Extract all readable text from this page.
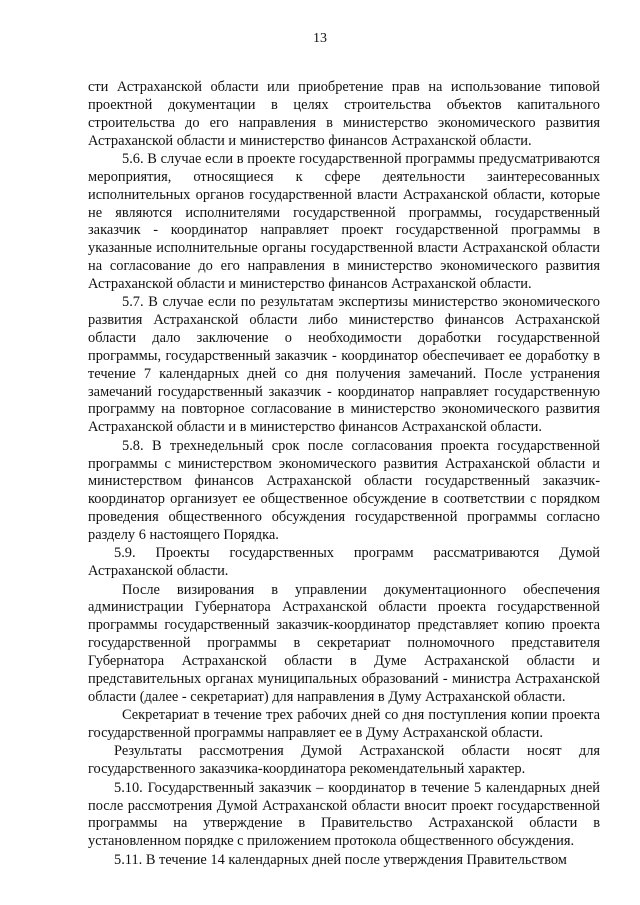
13

сти Астраханской области или приобретение прав на использование типовой проектной документации в целях строительства объектов капитального строительства до его направления в министерство экономического развития Астраханской области и министерство финансов Астраханской области.

5.6. В случае если в проекте государственной программы предусматриваются мероприятия, относящиеся к сфере деятельности заинтересованных исполнительных органов государственной власти Астраханской области, которые не являются исполнителями государственной программы, государственный заказчик - координатор направляет проект государственной программы в указанные исполнительные органы государственной власти Астраханской области на согласование до его направления в министерство экономического развития Астраханской области и министерство финансов Астраханской области.

5.7. В случае если по результатам экспертизы министерство экономического развития Астраханской области либо министерство финансов Астраханской области дало заключение о необходимости доработки государственной программы, государственный заказчик - координатор обеспечивает ее доработку в течение 7 календарных дней со дня получения замечаний. После устранения замечаний государственный заказчик - координатор направляет государственную программу на повторное согласование в министерство экономического развития Астраханской области и в министерство финансов Астраханской области.

5.8. В трехнедельный срок после согласования проекта государственной программы с министерством экономического развития Астраханской области и министерством финансов Астраханской области государственный заказчик-координатор организует ее общественное обсуждение в соответствии с порядком проведения общественного обсуждения государственной программы согласно разделу 6 настоящего Порядка.

5.9. Проекты государственных программ рассматриваются Думой Астраханской области.

После визирования в управлении документационного обеспечения администрации Губернатора Астраханской области проекта государственной программы государственный заказчик-координатор представляет копию проекта государственной программы в секретариат полномочного представителя Губернатора Астраханской области в Думе Астраханской области и представительных органах муниципальных образований - министра Астраханской области (далее - секретариат) для направления в Думу Астраханской области.

Секретариат в течение трех рабочих дней со дня поступления копии проекта государственной программы направляет ее в Думу Астраханской области.

Результаты рассмотрения Думой Астраханской области носят для государственного заказчика-координатора рекомендательный характер.

5.10. Государственный заказчик – координатор в течение 5 календарных дней после рассмотрения Думой Астраханской области вносит проект государственной программы на утверждение в Правительство Астраханской области в установленном порядке с приложением протокола общественного обсуждения.

5.11. В течение 14 календарных дней после утверждения Правительством
